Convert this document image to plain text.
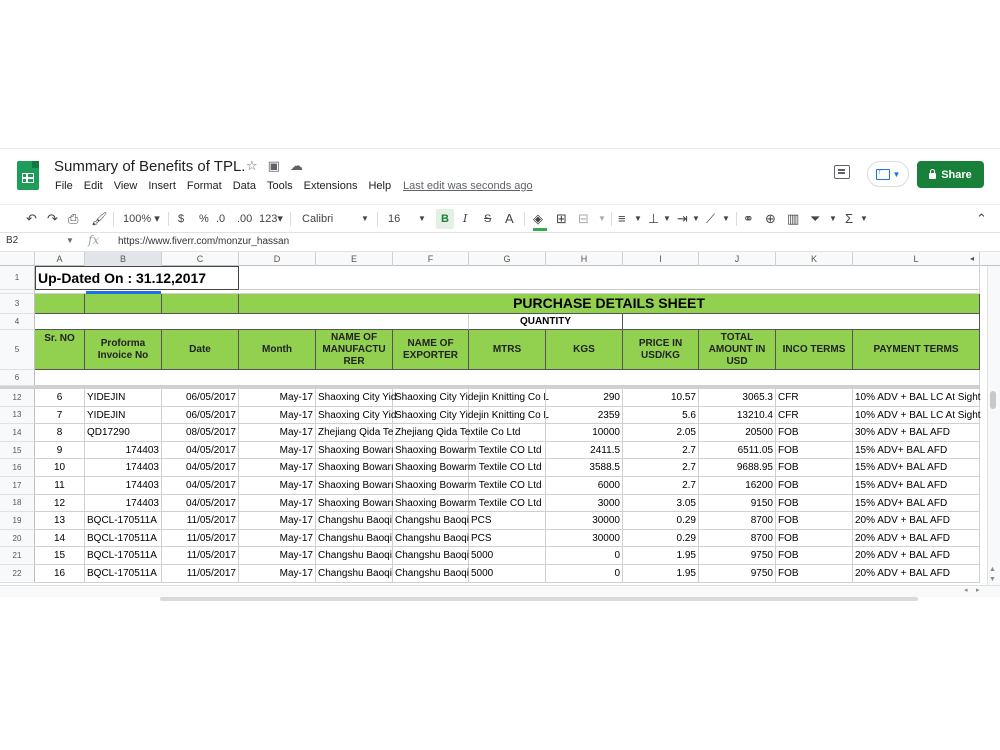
Summary of Benefits of TPL. ☆ ▣ ☁
File Edit View Insert Format Data Tools Extensions Help Last edit was seconds ago
↑
▼	Share
↶ ↷ ⎙ 🖌 100% ▾ $ % .0 .00 123▾ Calibri	▼ 16 ▼ B I S A ◈ ⊞ ⊟ ▼ ≡ ▼ ⊥ ▼ ⇥ ▼ ⟋ ▼ ⚭ ⊕ ▥ ⏷ ▼ Σ ▼	⌃
B2	▼ fx https://www.fiverr.com/monzur_hassan
A	B	C	D	E	F	G	H	I	J	K	L	◂
1
3
4
5
6
Up-Dated On : 31.12,2017
PURCHASE DETAILS SHEET
QUANTITY
Sr. NO	Proforma Invoice No
Date	Month
NAME OF MANUFACTU RER
NAME OF EXPORTER
MTRS	KGS
PRICE IN USD/KG
TOTAL AMOUNT IN USD
INCO TERMS	PAYMENT TERMS
12	6	YIDEJIN	06/05/2017	May-17 Shaoxing City Yid
Shaoxing City Yidejin Knitting Co L	290	10.57	3065.3 CFR	10% ADV + BAL LC At Sight
13	7	YIDEJIN	06/05/2017	May-17 Shaoxing City Yid
Shaoxing City Yidejin Knitting Co L	2359	5.6	13210.4 CFR	10% ADV + BAL LC At Sight
14	8	QD17290	08/05/2017	May-17 Zhejiang Qida Te Zhejiang Qida Textile Co Ltd	10000	2.05	20500 FOB	30% ADV + BAL AFD
15	9	174403	04/05/2017	May-17 Shaoxing Bowarı Shaoxing Bowarm Textile CO Ltd	2411.5	2.7	6511.05 FOB	15% ADV+ BAL AFD
16	10	174403	04/05/2017	May-17 Shaoxing Bowarı Shaoxing Bowarm Textile CO Ltd	3588.5	2.7	9688.95 FOB	15% ADV+ BAL AFD
17	11	174403	04/05/2017	May-17 Shaoxing Bowarı Shaoxing Bowarm Textile CO Ltd	6000	2.7	16200 FOB	15% ADV+ BAL AFD
18	12	174403	04/05/2017	May-17 Shaoxing Bowarı Shaoxing Bowarm Textile CO Ltd	3000	3.05	9150 FOB	15% ADV+ BAL AFD
19	13	BQCL-170511A	11/05/2017	May-17 Changshu Baoqi Changshu Baoqi PCS	30000	0.29	8700 FOB	20% ADV + BAL AFD
20	14	BQCL-170511A	11/05/2017	May-17 Changshu Baoqi Changshu Baoqi PCS	30000	0.29	8700 FOB	20% ADV + BAL AFD
21	15	BQCL-170511A	11/05/2017	May-17 Changshu Baoqi Changshu Baoqi 5000	0	1.95	9750 FOB	20% ADV + BAL AFD
22	16	BQCL-170511A	11/05/2017	May-17 Changshu Baoqi Changshu Baoqi 5000	0	1.95	9750 FOB	20% ADV + BAL AFD	▲
▼
◂ ▸
